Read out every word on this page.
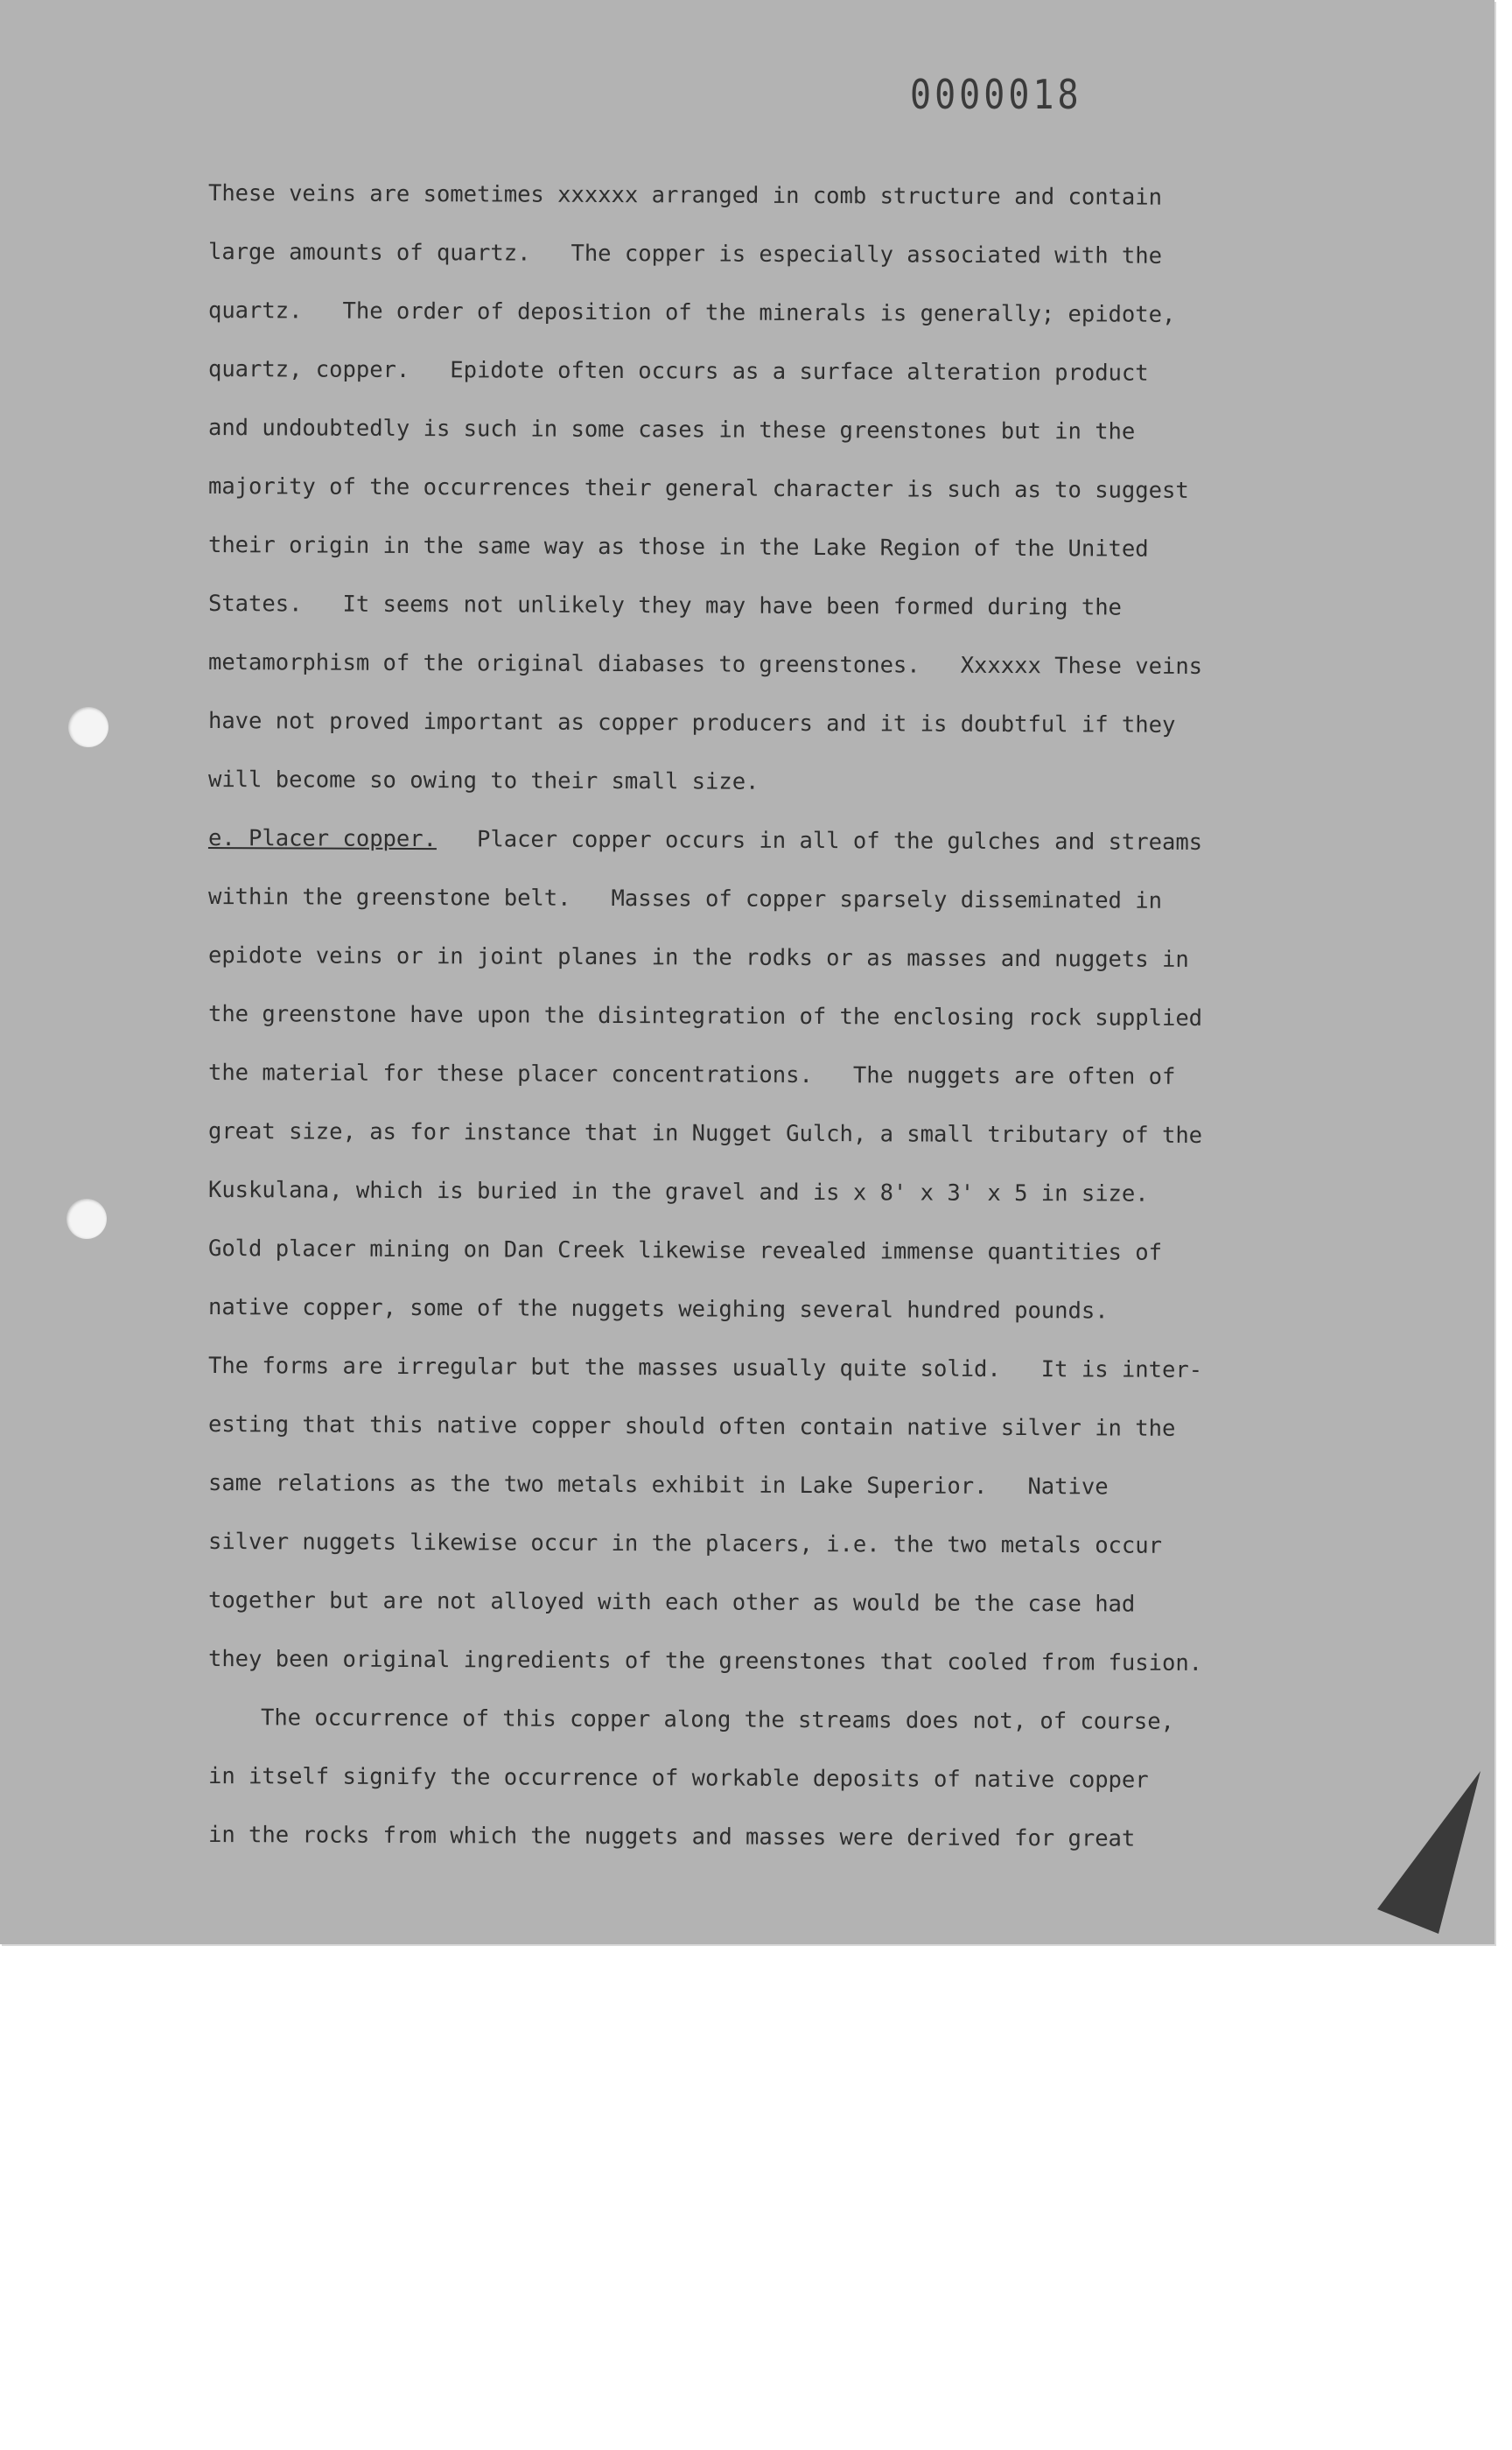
0000018
These veins are sometimes xxxxxx arranged in comb structure and contain
large amounts of quartz.   The copper is especially associated with the
quartz.   The order of deposition of the minerals is generally; epidote,
quartz, copper.   Epidote often occurs as a surface alteration product
and undoubtedly is such in some cases in these greenstones but in the
majority of the occurrences their general character is such as to suggest
their origin in the same way as those in the Lake Region of the United
States.   It seems not unlikely they may have been formed during the
metamorphism of the original diabases to greenstones.   Xxxxxx These veins
have not proved important as copper producers and it is doubtful if they
will become so owing to their small size.
e. Placer copper.   Placer copper occurs in all of the gulches and streams
within the greenstone belt.   Masses of copper sparsely disseminated in
epidote veins or in joint planes in the rodks or as masses and nuggets in
the greenstone have upon the disintegration of the enclosing rock supplied
the material for these placer concentrations.   The nuggets are often of
great size, as for instance that in Nugget Gulch, a small tributary of the
Kuskulana, which is buried in the gravel and is x 8' x 3' x 5 in size.
Gold placer mining on Dan Creek likewise revealed immense quantities of
native copper, some of the nuggets weighing several hundred pounds.
The forms are irregular but the masses usually quite solid.   It is inter-
esting that this native copper should often contain native silver in the
same relations as the two metals exhibit in Lake Superior.   Native
silver nuggets likewise occur in the placers, i.e. the two metals occur
together but are not alloyed with each other as would be the case had
they been original ingredients of the greenstones that cooled from fusion.
The occurrence of this copper along the streams does not, of course,
in itself signify the occurrence of workable deposits of native copper
in the rocks from which the nuggets and masses were derived for great
